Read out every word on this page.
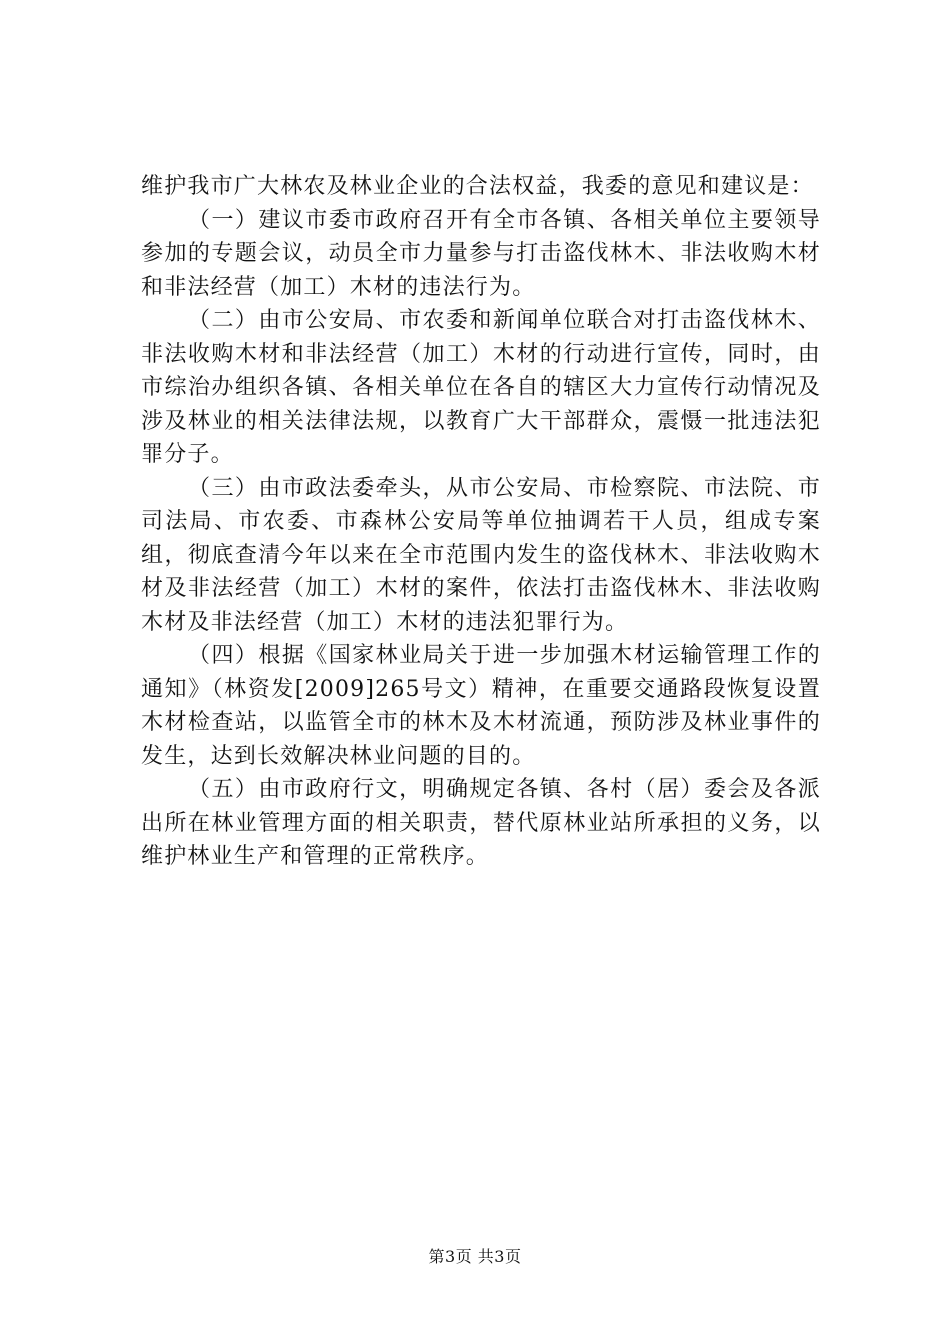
维护我市广大林农及林业企业的合法权益，我委的意见和建议是：

（一）建议市委市政府召开有全市各镇、各相关单位主要领导参加的专题会议，动员全市力量参与打击盗伐林木、非法收购木材和非法经营（加工）木材的违法行为。

（二）由市公安局、市农委和新闻单位联合对打击盗伐林木、非法收购木材和非法经营（加工）木材的行动进行宣传，同时，由市综治办组织各镇、各相关单位在各自的辖区大力宣传行动情况及涉及林业的相关法律法规，以教育广大干部群众，震慑一批违法犯罪分子。

（三）由市政法委牵头，从市公安局、市检察院、市法院、市司法局、市农委、市森林公安局等单位抽调若干人员，组成专案组，彻底查清今年以来在全市范围内发生的盗伐林木、非法收购木材及非法经营（加工）木材的案件，依法打击盗伐林木、非法收购木材及非法经营（加工）木材的违法犯罪行为。

（四）根据《国家林业局关于进一步加强木材运输管理工作的通知》（林资发[2009]265号文）精神，在重要交通路段恢复设置木材检查站，以监管全市的林木及木材流通，预防涉及林业事件的发生，达到长效解决林业问题的目的。

（五）由市政府行文，明确规定各镇、各村（居）委会及各派出所在林业管理方面的相关职责，替代原林业站所承担的义务，以维护林业生产和管理的正常秩序。

第3页 共3页
